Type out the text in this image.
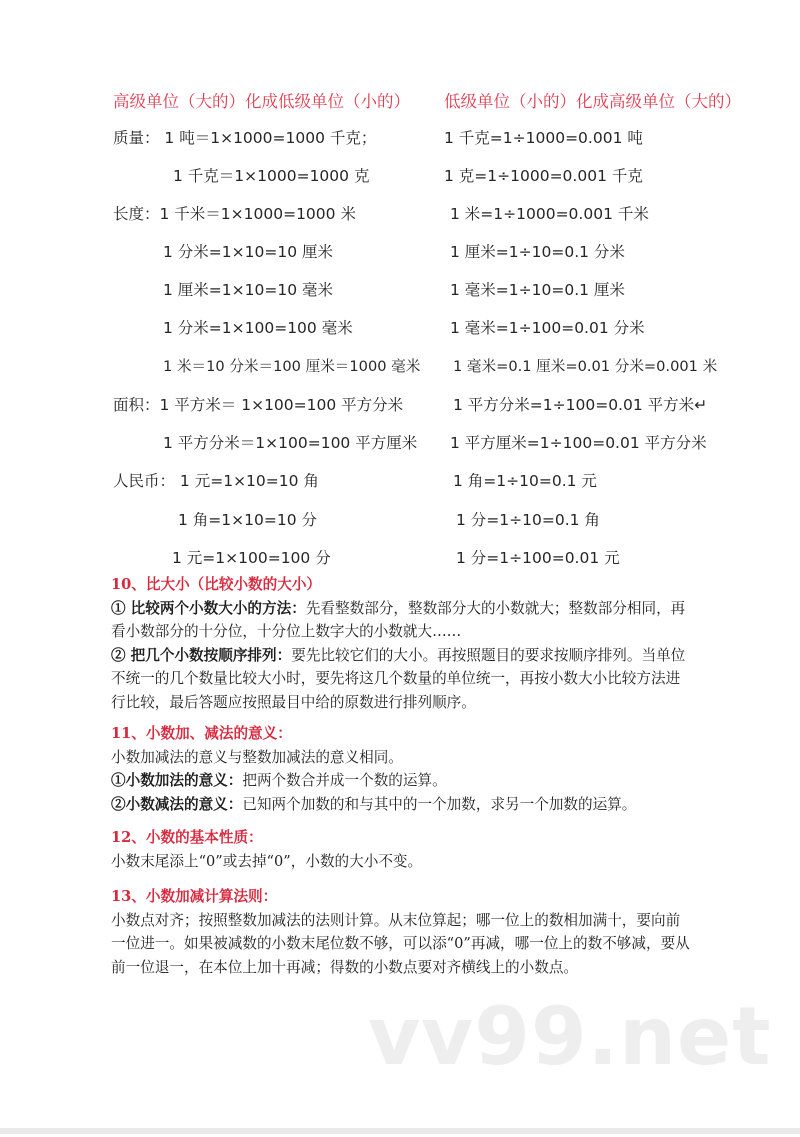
高级单位（大的）化成低级单位（小的） 低级单位（小的）化成高级单位（大的）
质量： 1 吨＝1×1000=1000 千克；	1 千克=1÷1000=0.001 吨
1 千克＝1×1000=1000 克	1 克=1÷1000=0.001 千克
长度：1 千米＝1×1000=1000 米	1 米=1÷1000=0.001 千米
1 分米=1×10=10 厘米	1 厘米=1÷10=0.1 分米
1 厘米=1×10=10 毫米	1 毫米=1÷10=0.1 厘米
1 分米=1×100=100 毫米	1 毫米=1÷100=0.01 分米
1 米＝10 分米＝100 厘米＝1000 毫米 1 毫米=0.1 厘米=0.01 分米=0.001 米
面积：1 平方米＝ 1×100=100 平方分米	1 平方分米=1÷100=0.01 平方米↵
1 平方分米＝1×100=100 平方厘米 1 平方厘米=1÷100=0.01 平方分米
人民币： 1 元=1×10=10 角	1 角=1÷10=0.1 元
1 角=1×10=10 分	1 分=1÷10=0.1 角
1 元=1×100=100 分	1 分=1÷100=0.01 元
10、比大小（比较小数的大小）

① 比较两个小数大小的方法：先看整数部分，整数部分大的小数就大；整数部分相同，再看小数部分的十分位，十分位上数字大的小数就大……

② 把几个小数按顺序排列：要先比较它们的大小。再按照题目的要求按顺序排列。当单位不统一的几个数量比较大小时，要先将这几个数量的单位统一，再按小数大小比较方法进行比较，最后答题应按照最目中给的原数进行排列顺序。

11、小数加、减法的意义：

小数加减法的意义与整数加减法的意义相同。

①小数加法的意义：把两个数合并成一个数的运算。

②小数减法的意义：已知两个加数的和与其中的一个加数，求另一个加数的运算。

12、小数的基本性质：

小数末尾添上“0”或去掉“0”，小数的大小不变。

13、小数加减计算法则：

小数点对齐；按照整数加减法的法则计算。从末位算起；哪一位上的数相加满十，要向前一位进一。如果被减数的小数末尾位数不够，可以添“0”再减，哪一位上的数不够减，要从前一位退一，在本位上加十再减；得数的小数点要对齐横线上的小数点。

vv99.net
